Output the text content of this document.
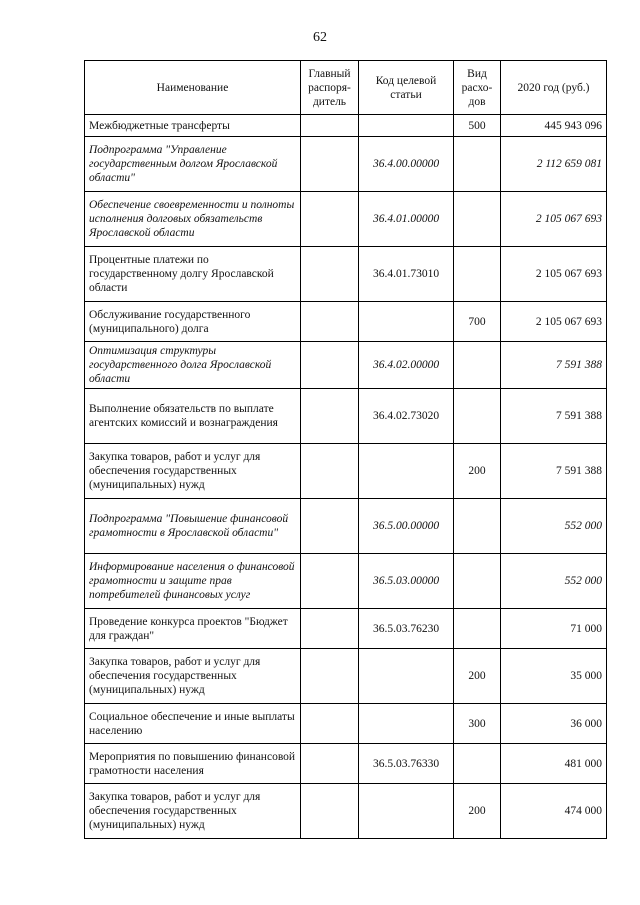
62
Наименование	Главный распоря-дитель	Код целевой статьи	Вид расхо-дов	2020 год (руб.)
Межбюджетные трансферты			500	445 943 096
Подпрограмма "Управление государственным долгом Ярославской области"		36.4.00.00000		2 112 659 081
Обеспечение своевременности и полноты исполнения долговых обязательств Ярославской области		36.4.01.00000		2 105 067 693
Процентные платежи по государственному долгу Ярославской области		36.4.01.73010		2 105 067 693
Обслуживание государственного (муниципального) долга			700	2 105 067 693
Оптимизация структуры государственного долга Ярославской области		36.4.02.00000		7 591 388
Выполнение обязательств по выплате агентских комиссий и вознаграждения		36.4.02.73020		7 591 388
Закупка товаров, работ и услуг для обеспечения государственных (муниципальных) нужд			200	7 591 388
Подпрограмма "Повышение финансовой грамотности в Ярославской области"		36.5.00.00000		552 000
Информирование населения о финансовой грамотности и защите прав потребителей финансовых услуг		36.5.03.00000		552 000
Проведение конкурса проектов "Бюджет для граждан"		36.5.03.76230		71 000
Закупка товаров, работ и услуг для обеспечения государственных (муниципальных) нужд			200	35 000
Социальное обеспечение и иные выплаты населению			300	36 000
Мероприятия по повышению финансовой грамотности населения		36.5.03.76330		481 000
Закупка товаров, работ и услуг для обеспечения государственных (муниципальных) нужд			200	474 000
